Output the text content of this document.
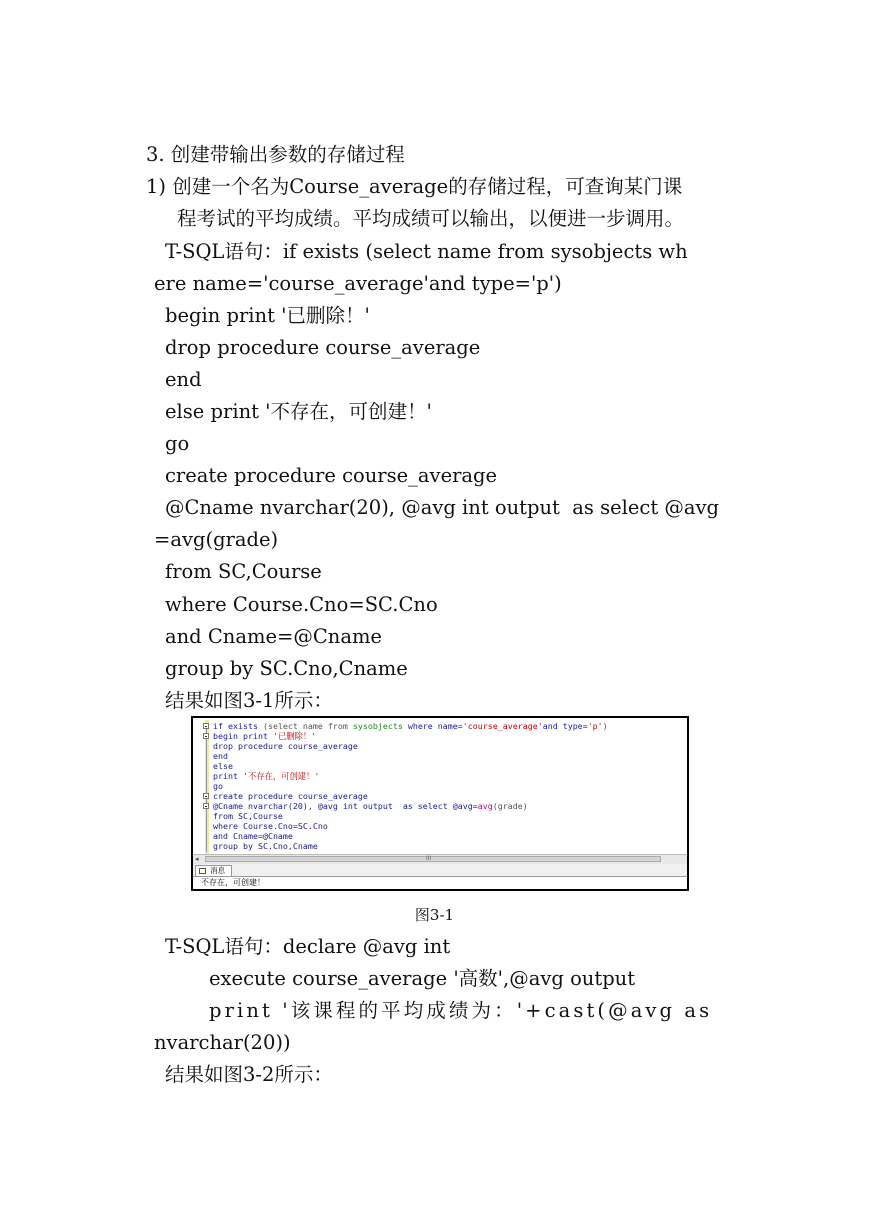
3. 创建带输出参数的存储过程
1) 创建一个名为Course_average的存储过程，可查询某门课
程考试的平均成绩。平均成绩可以输出，以便进一步调用。
T-SQL语句：if exists (select name from sysobjects wh
ere name='course_average'and type='p')
begin print '已删除！'
drop procedure course_average
end
else print '不存在，可创建！'
go
create procedure course_average
@Cname nvarchar(20), @avg int output  as select @avg
=avg(grade)
from SC,Course
where Course.Cno=SC.Cno
and Cname=@Cname
group by SC.Cno,Cname
结果如图3-1所示：
if exists (select name from sysobjects where name='course_average'and type='p')
begin print '已删除！'
drop procedure course_average
end
else
print '不存在，可创建！'
go
create procedure course_average
@Cname nvarchar(20), @avg int output  as select @avg=avg(grade)
from SC,Course
where Course.Cno=SC.Cno
and Cname=@Cname
group by SC.Cno,Cname
◂	III
消息
不存在，可创建！
图3-1
T-SQL语句：declare @avg int
execute course_average '高数',@avg output
print '该课程的平均成绩为：'+cast(@avg as
nvarchar(20))
结果如图3-2所示：
